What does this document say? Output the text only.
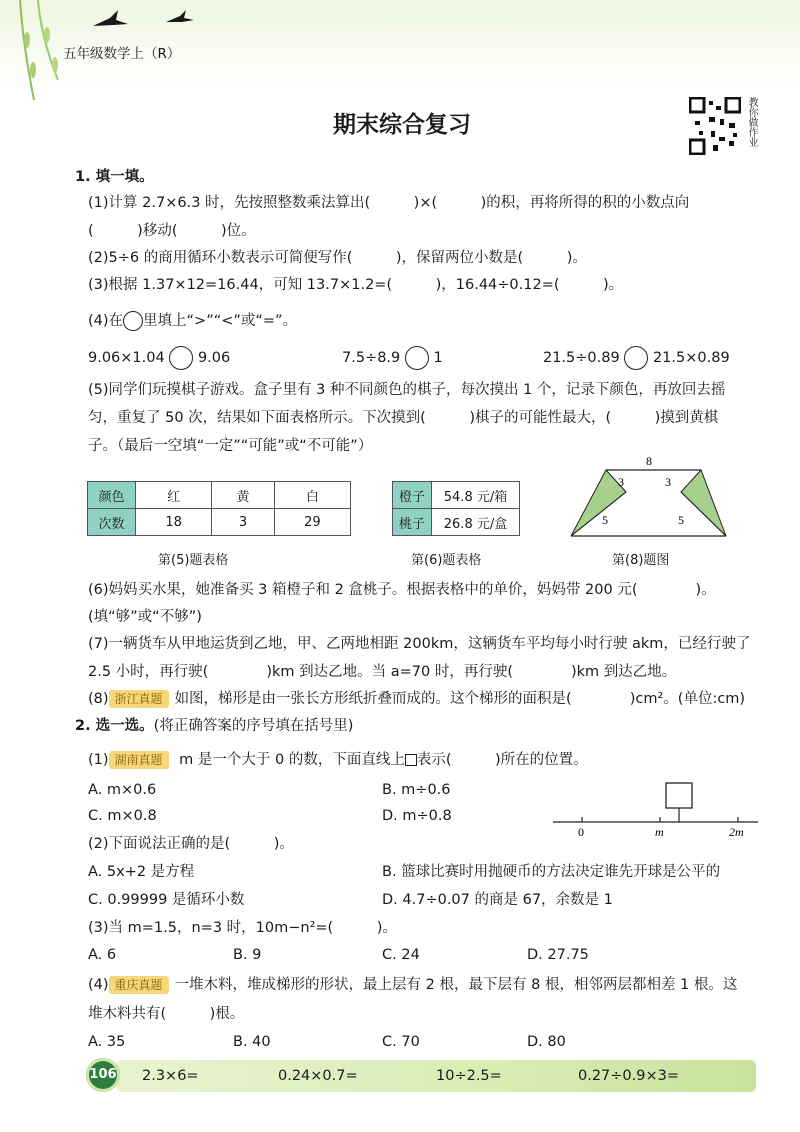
五年级数学上（R）
期末综合复习	教你做作业
1. 填一填。
(1)计算 2.7×6.3 时，先按照整数乘法算出(　　　)×(　　　)的积，再将所得的积的小数点向
(　　　)移动(　　　)位。
(2)5÷6 的商用循环小数表示可简便写作(　　　)，保留两位小数是(　　　)。
(3)根据 1.37×12=16.44，可知 13.7×1.2=(　　　)，16.44÷0.12=(　　　)。
(4)在 里填上“>”“<”或“=”。
9.06×1.04 9.06	7.5÷8.9 1	21.5÷0.89 21.5×0.89
(5)同学们玩摸棋子游戏。盒子里有 3 种不同颜色的棋子，每次摸出 1 个，记录下颜色，再放回去摇
匀，重复了 50 次，结果如下面表格所示。下次摸到(　　　)棋子的可能性最大，(　　　)摸到黄棋
子。（最后一空填“一定”“可能”或“不可能”）
颜色	红	黄	白
次数	18	3	29
橙子	54.8 元/箱
桃子	26.8 元/盒
8
3	3
5	5
第(5)题表格	第(6)题表格	第(8)题图
(6)妈妈买水果，她准备买 3 箱橙子和 2 盒桃子。根据表格中的单价，妈妈带 200 元(　　　　)。
(填“够”或“不够”)
(7)一辆货车从甲地运货到乙地，甲、乙两地相距 200km，这辆货车平均每小时行驶 akm，已经行驶了
2.5 小时，再行驶(　　　　)km 到达乙地。当 a=70 时，再行驶(　　　　)km 到达乙地。
(8) 浙江真题 如图，梯形是由一张长方形纸折叠而成的。这个梯形的面积是(　　　　)cm²。(单位:cm)
2. 选一选。(将正确答案的序号填在括号里)
(1) 湖南真题 m 是一个大于 0 的数，下面直线上 表示(　　　)所在的位置。
A. m×0.6	B. m÷0.6
C. m×0.8	D. m÷0.8
0	m	2m
(2)下面说法正确的是(　　　)。
A. 5x+2 是方程	B. 篮球比赛时用抛硬币的方法决定谁先开球是公平的
C. 0.99999 是循环小数	D. 4.7÷0.07 的商是 67，余数是 1
(3)当 m=1.5，n=3 时，10m−n²=(　　　)。
A. 6	B. 9	C. 24	D. 27.75
(4) 重庆真题 一堆木料，堆成梯形的形状，最上层有 2 根，最下层有 8 根，相邻两层都相差 1 根。这
堆木料共有(　　　)根。
A. 35	B. 40	C. 70	D. 80
106 2.3×6=	0.24×0.7=	10÷2.5=	0.27÷0.9×3=
